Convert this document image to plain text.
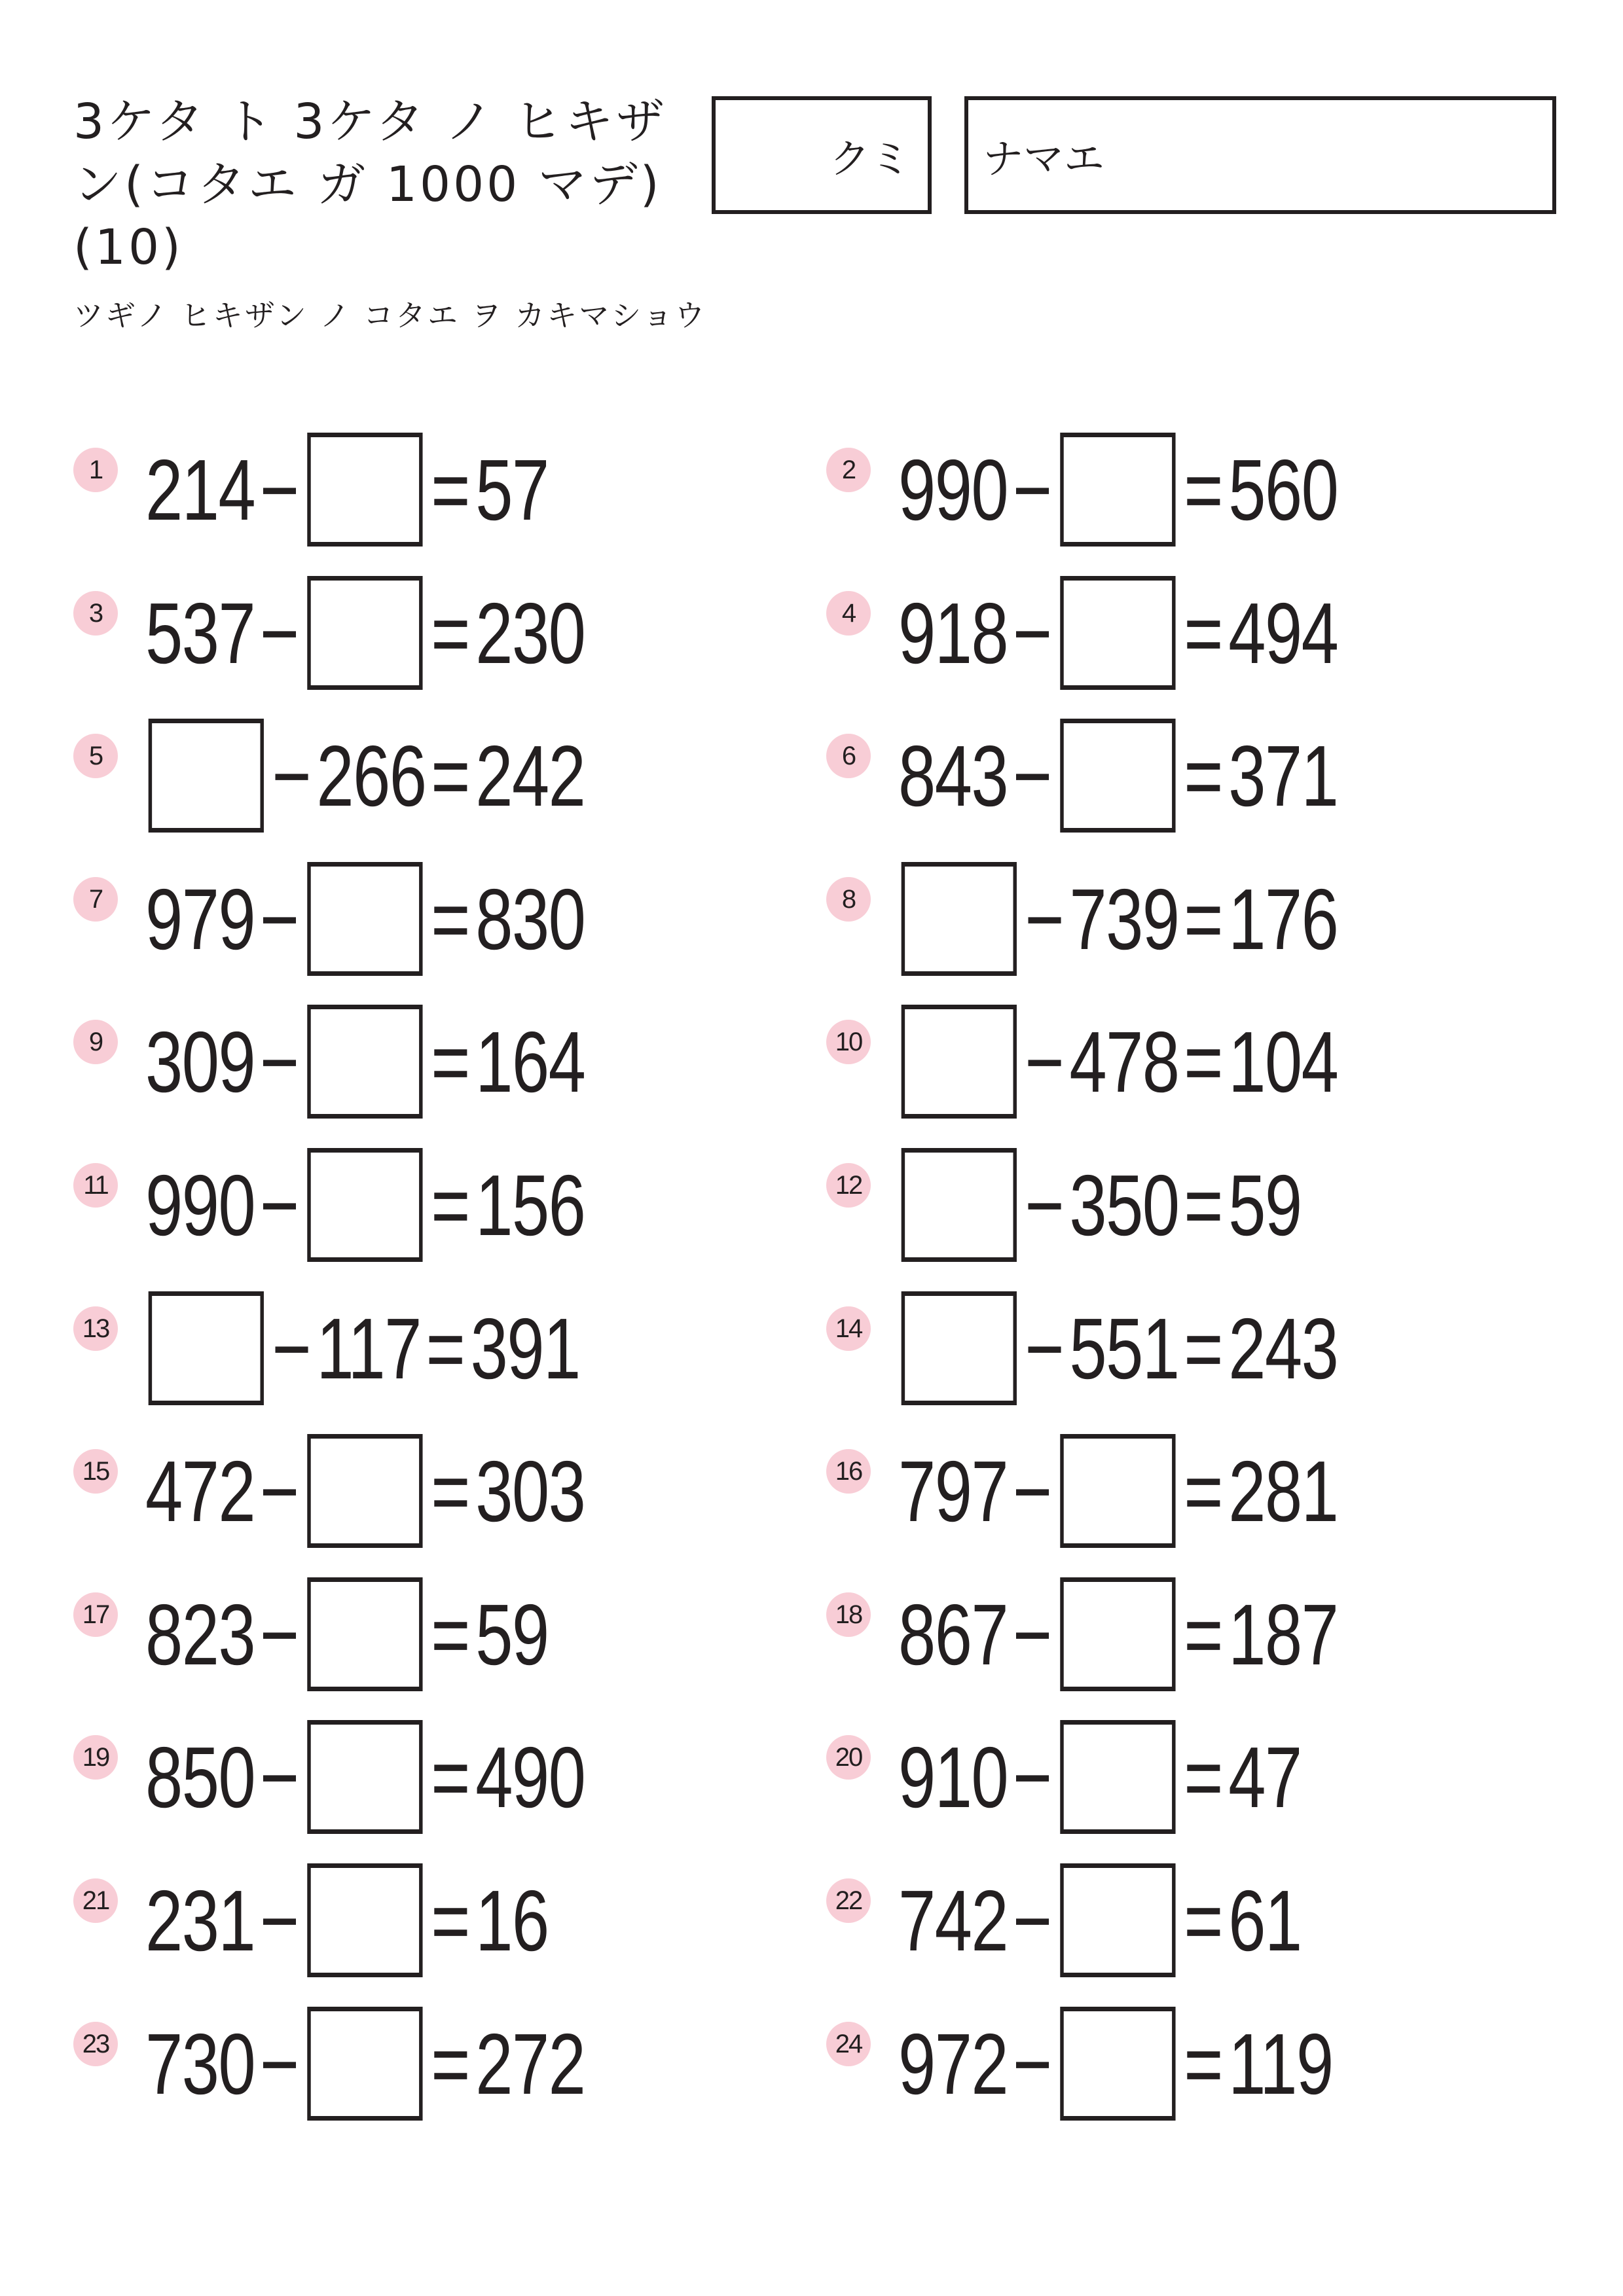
3ケタ ト 3ケタ ノ ヒキザン(コタエ ガ 1000 マデ)(10)

ツギノ ヒキザン ノ コタエ ヲ カキマショウ

クミ ナマエ
1 214 − = 57	2 990 − = 560
3 537 − = 230	4 918 − = 494
5 − 266 = 242	6 843 − = 371
7 979 − = 830	8 − 739 = 176
9 309 − = 164	10 − 478 = 104
11 990 − = 156	12 − 350 = 59
13 − 117 = 391	14 − 551 = 243
15 472 − = 303	16 797 − = 281
17 823 − = 59	18 867 − = 187
19 850 − = 490	20 910 − = 47
21 231 − = 16	22 742 − = 61
23 730 − = 272	24 972 − = 119
